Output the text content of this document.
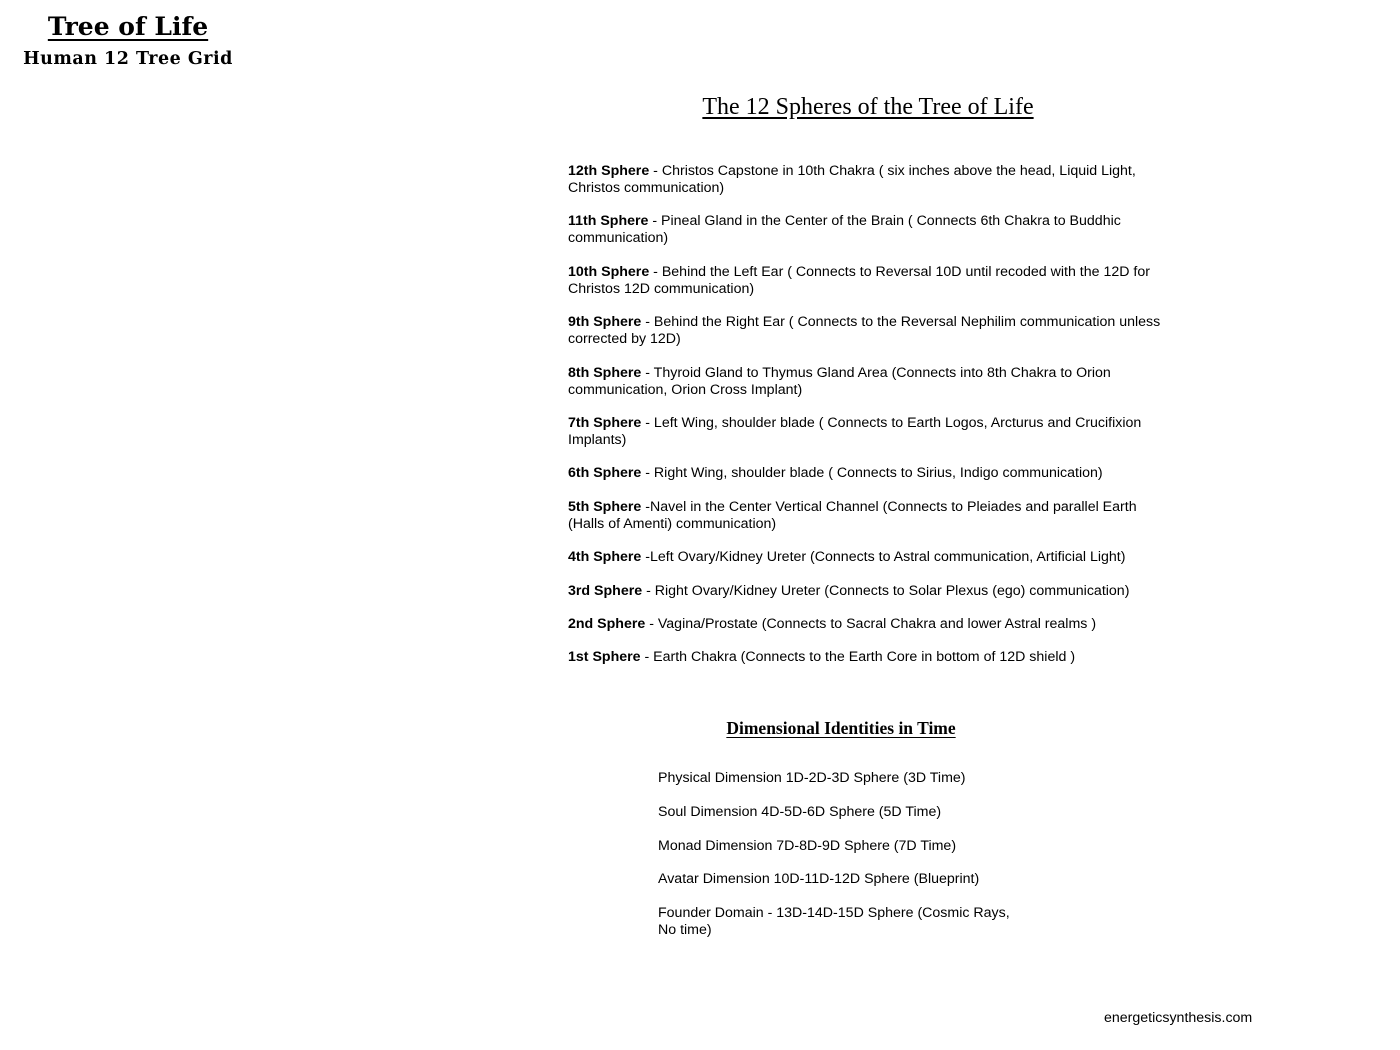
Tree of Life
Human 12 Tree Grid
The 12 Spheres of the Tree of Life
12th Sphere - Christos Capstone in 10th Chakra ( six inches above the head, Liquid Light, Christos communication)
11th Sphere - Pineal Gland in the Center of the Brain ( Connects 6th Chakra to Buddhic communication)
10th Sphere - Behind the Left Ear ( Connects to Reversal 10D until recoded with the 12D for Christos 12D communication)
9th Sphere - Behind the Right Ear ( Connects to the Reversal Nephilim communication unless corrected by 12D)
8th Sphere - Thyroid Gland to Thymus Gland Area (Connects into 8th Chakra to Orion communication, Orion Cross Implant)
7th Sphere - Left Wing, shoulder blade ( Connects to Earth Logos, Arcturus and Crucifixion Implants)
6th Sphere - Right Wing, shoulder blade ( Connects to Sirius, Indigo communication)
5th Sphere -Navel in the Center Vertical Channel (Connects to Pleiades and parallel Earth (Halls of Amenti) communication)
4th Sphere -Left Ovary/Kidney Ureter (Connects to Astral communication, Artificial Light)
3rd Sphere - Right Ovary/Kidney Ureter (Connects to Solar Plexus (ego) communication)
2nd Sphere - Vagina/Prostate (Connects to Sacral Chakra and lower Astral realms )
1st Sphere - Earth Chakra (Connects to the Earth Core in bottom of 12D shield )
Dimensional Identities in Time
Physical Dimension 1D-2D-3D Sphere (3D Time)
Soul Dimension 4D-5D-6D Sphere (5D Time)
Monad Dimension 7D-8D-9D Sphere (7D Time)
Avatar Dimension 10D-11D-12D Sphere (Blueprint)
Founder Domain - 13D-14D-15D Sphere (Cosmic Rays, No time)
energeticsynthesis.com
